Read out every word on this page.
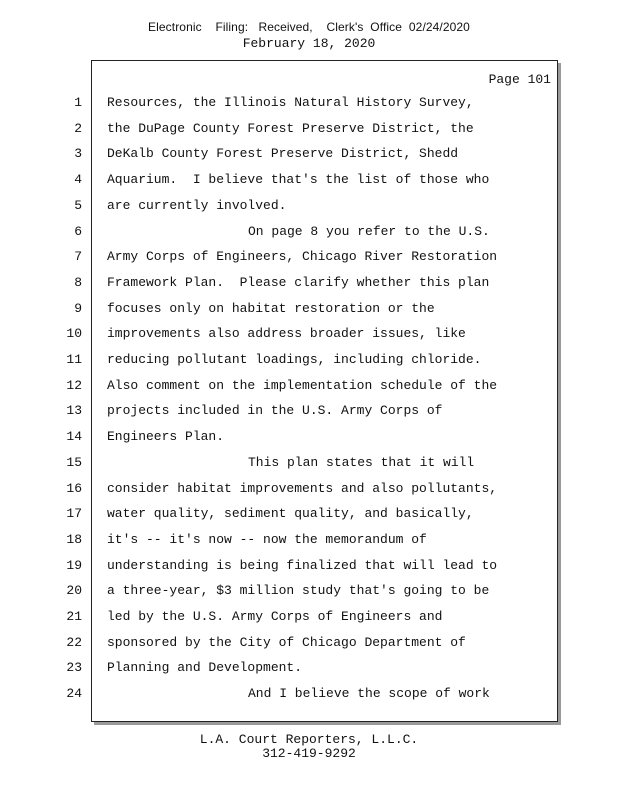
Electronic    Filing:   Received,    Clerk's  Office  02/24/2020
February 18, 2020
Page 101
1 Resources, the Illinois Natural History Survey,
2 the DuPage County Forest Preserve District, the
3 DeKalb County Forest Preserve District, Shedd
4 Aquarium.  I believe that's the list of those who
5 are currently involved.
6	On page 8 you refer to the U.S.
7 Army Corps of Engineers, Chicago River Restoration
8 Framework Plan.  Please clarify whether this plan
9 focuses only on habitat restoration or the
10 improvements also address broader issues, like
11 reducing pollutant loadings, including chloride.
12 Also comment on the implementation schedule of the
13 projects included in the U.S. Army Corps of
14 Engineers Plan.
15	This plan states that it will
16 consider habitat improvements and also pollutants,
17 water quality, sediment quality, and basically,
18 it's -- it's now -- now the memorandum of
19 understanding is being finalized that will lead to
20 a three-year, $3 million study that's going to be
21 led by the U.S. Army Corps of Engineers and
22 sponsored by the City of Chicago Department of
23 Planning and Development.
24	And I believe the scope of work
L.A. Court Reporters, L.L.C.
312-419-9292
